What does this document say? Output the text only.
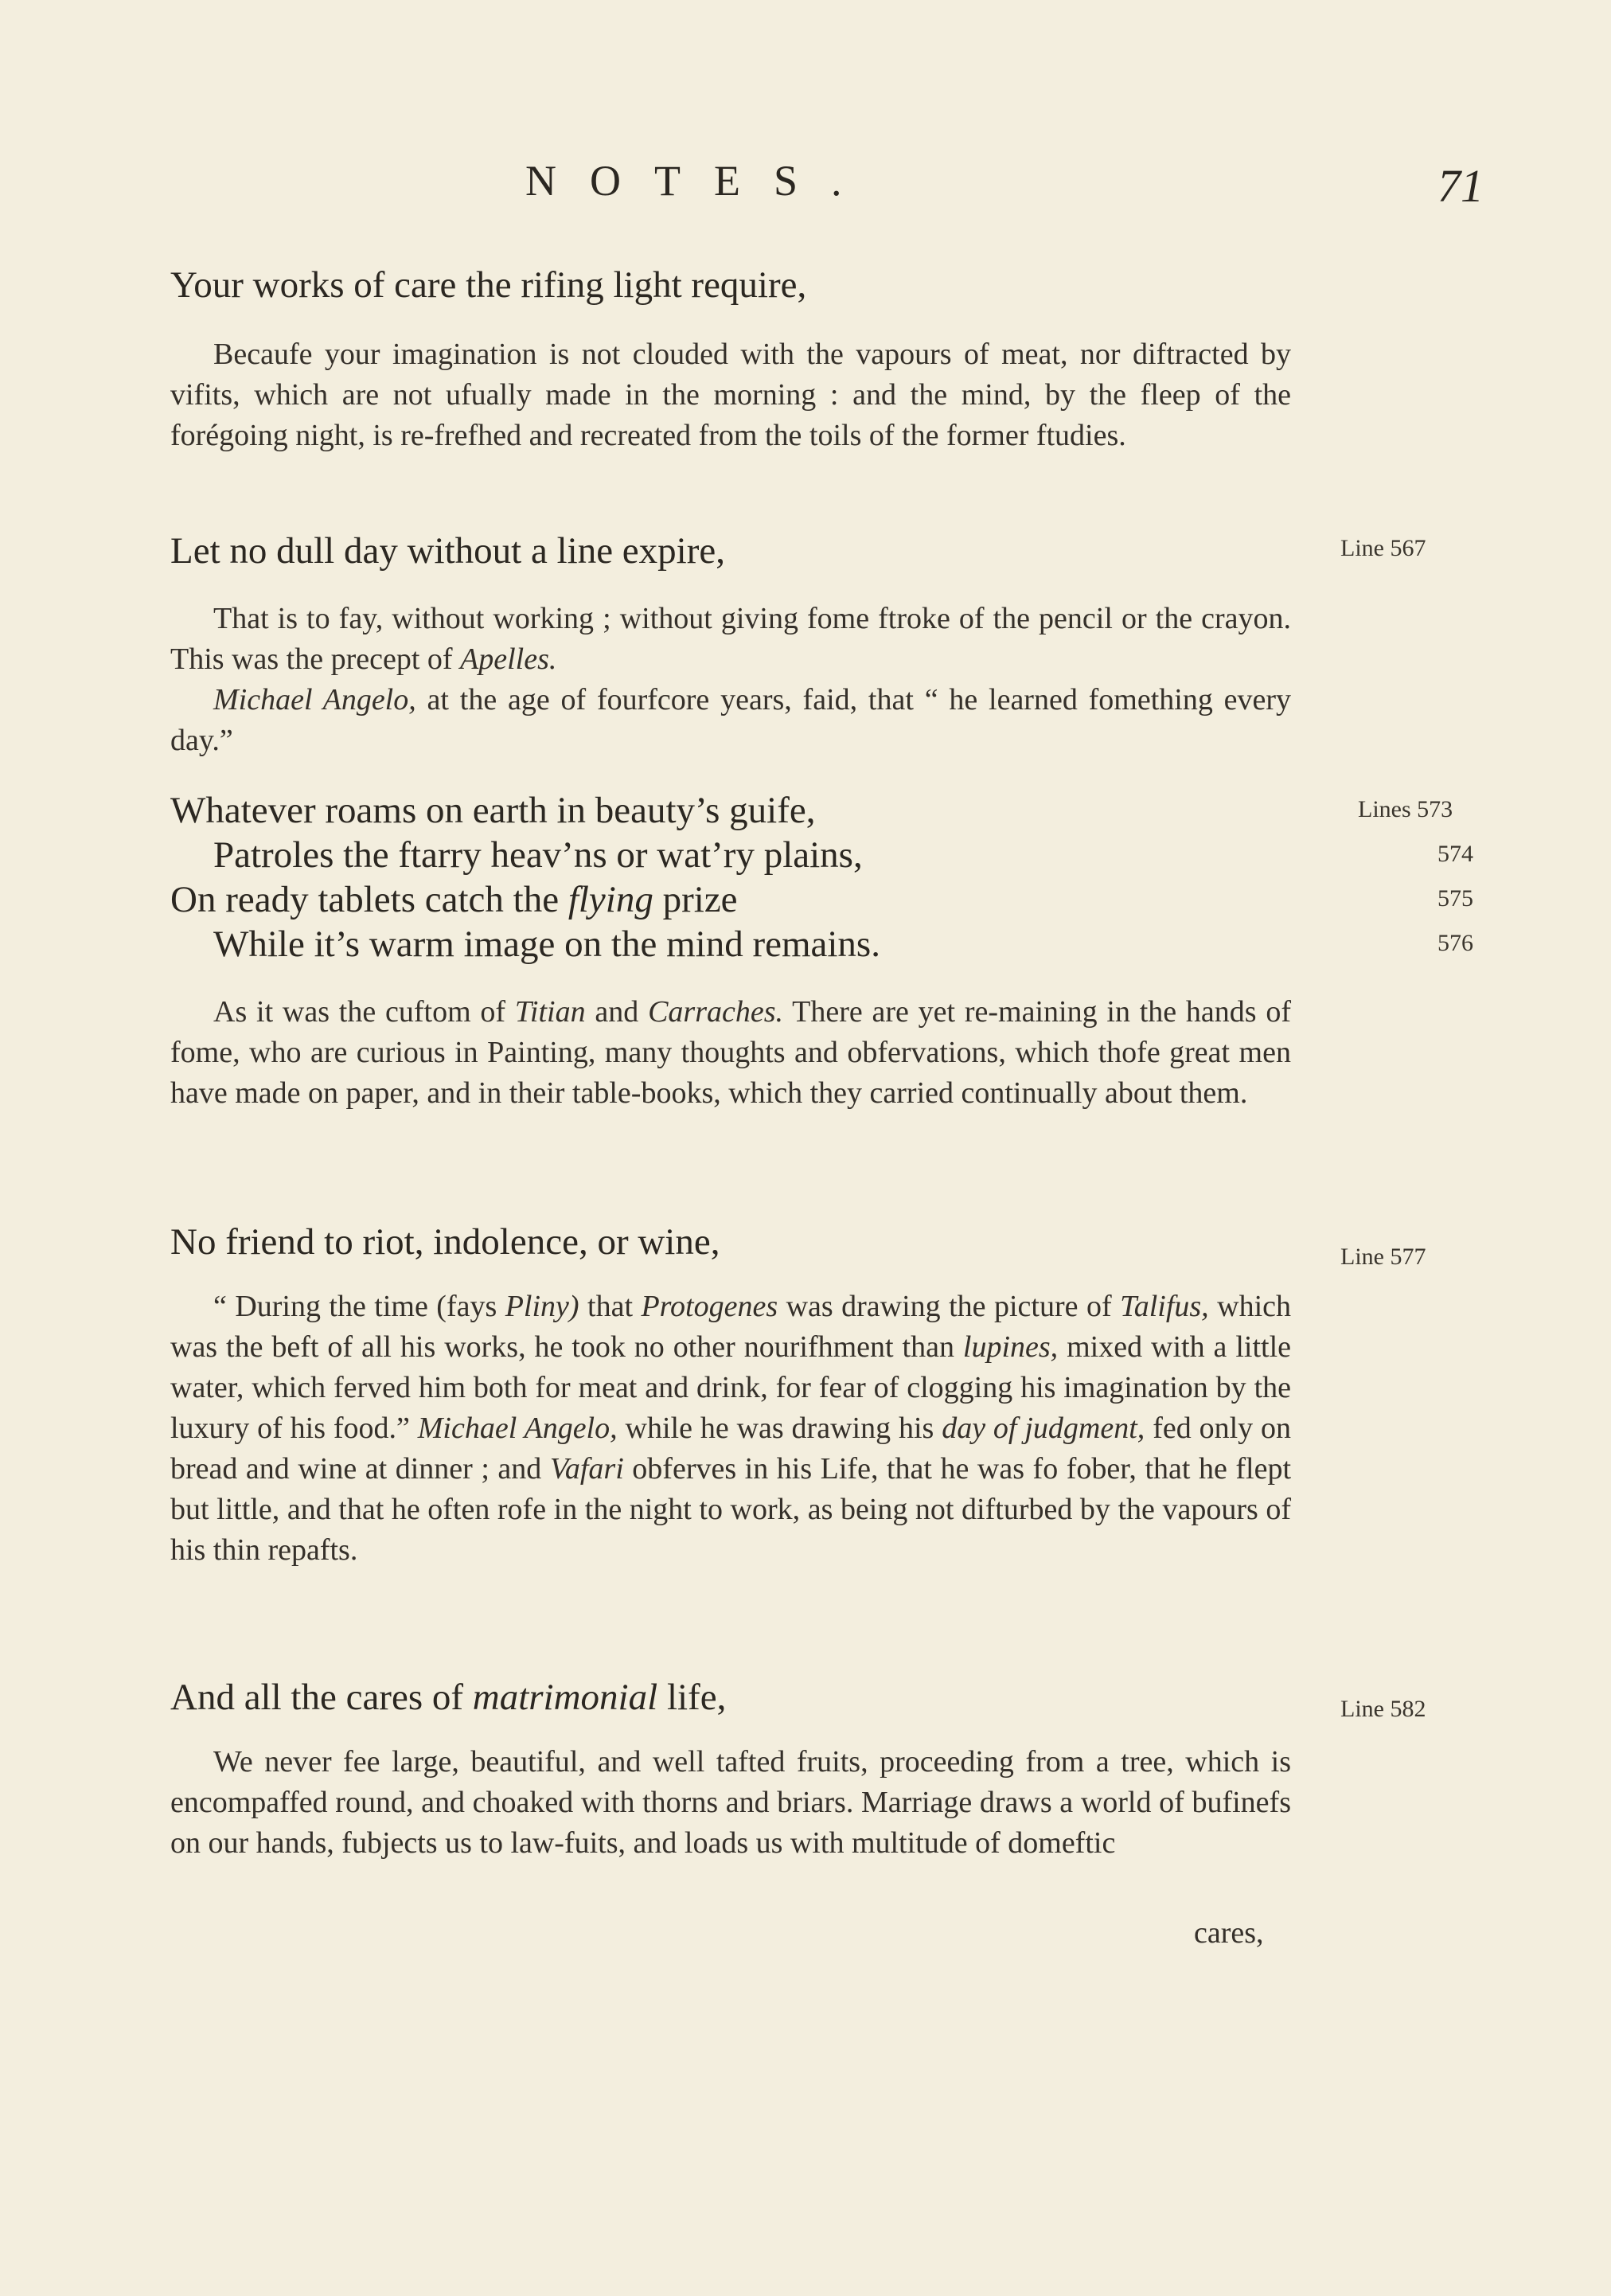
NOTES.	71
Your works of care the rifing light require,

Becaufe your imagination is not clouded with the vapours of meat, nor diftracted by vifits, which are not ufually made in the morning : and the mind, by the fleep of the forégoing night, is re-frefhed and recreated from the toils of the former ftudies.

Let no dull day without a line expire,	Line 567

That is to fay, without working ; without giving fome ftroke of the pencil or the crayon. This was the precept of Apelles.

Michael Angelo, at the age of fourfcore years, faid, that “ he learned fomething every day.”

Whatever roams on earth in beauty’s guife,
Patroles the ftarry heav’ns or wat’ry plains,
On ready tablets catch the flying prize
While it’s warm image on the mind remains.
Lines 573
574
575
576

As it was the cuftom of Titian and Carraches. There are yet re-maining in the hands of fome, who are curious in Painting, many thoughts and obfervations, which thofe great men have made on paper, and in their table-books, which they carried continually about them.

No friend to riot, indolence, or wine,	Line 577

“ During the time (fays Pliny) that Protogenes was drawing the picture of Talifus, which was the beft of all his works, he took no other nourifhment than lupines, mixed with a little water, which ferved him both for meat and drink, for fear of clogging his imagination by the luxury of his food.” Michael Angelo, while he was drawing his day of judgment, fed only on bread and wine at dinner ; and Vafari obferves in his Life, that he was fo fober, that he flept but little, and that he often rofe in the night to work, as being not difturbed by the vapours of his thin repafts.

And all the cares of matrimonial life,	Line 582

We never fee large, beautiful, and well tafted fruits, proceeding from a tree, which is encompaffed round, and choaked with thorns and briars. Marriage draws a world of bufinefs on our hands, fubjects us to law-fuits, and loads us with multitude of domeftic

cares,
